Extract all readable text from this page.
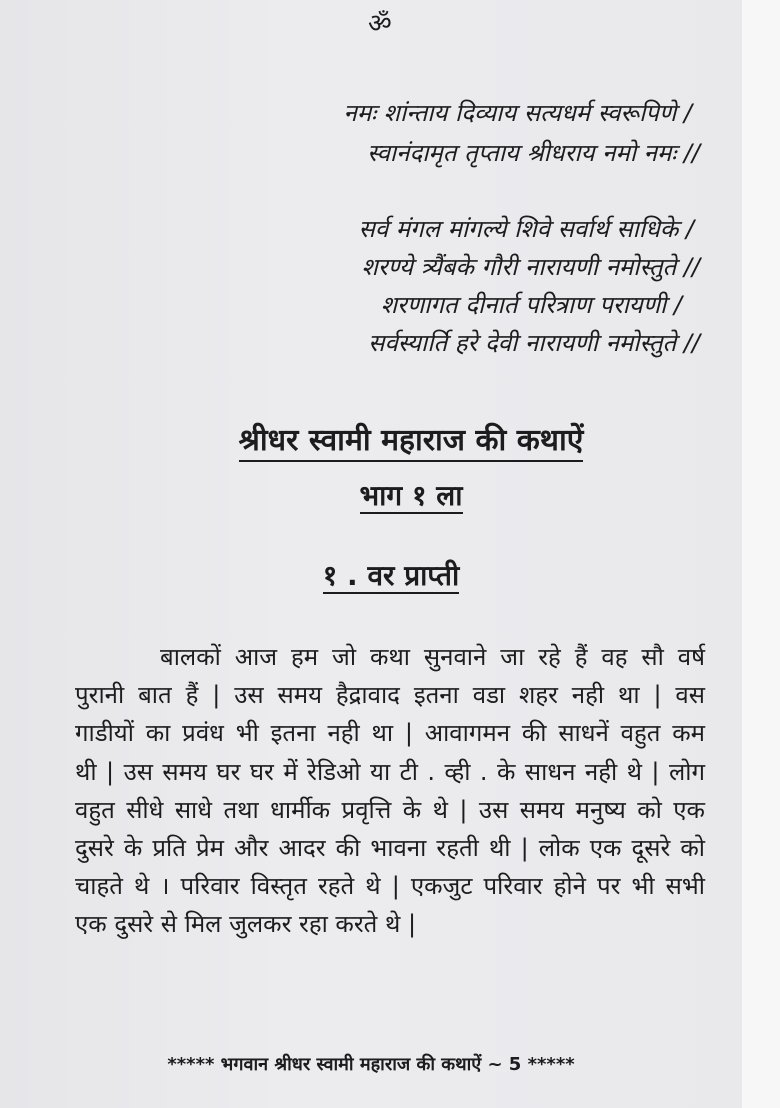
ॐ
नमः शांन्ताय दिव्याय सत्यधर्म स्वरूपिणे /
स्वानंदामृत तृप्ताय श्रीधराय नमो नमः //
सर्व मंगल मांगल्ये शिवे सर्वार्थ साधिके /
शरण्ये त्र्यैंबके गौरी नारायणी नमोस्तुते //
शरणागत दीनार्त परित्राण परायणी /
सर्वस्यार्ति हरे देवी नारायणी नमोस्तुते //
श्रीधर स्वामी महाराज की कथाऐं
भाग १ ला
१ . वर प्राप्ती
बालकों आज हम जो कथा सुनवाने जा रहे हैं वह सौ वर्ष
पुरानी बात हैं | उस समय हैद्रावाद इतना वडा शहर नही था | वस
गाडीयों का प्रवंध भी इतना नही था | आवागमन की साधनें वहुत कम
थी | उस समय घर घर में रेडिओ या टी . व्ही . के साधन नही थे | लोग
वहुत सीधे साधे तथा धार्मीक प्रवृत्ति के थे | उस समय मनुष्य को एक
दुसरे के प्रति प्रेम और आदर की भावना रहती थी | लोक एक दूसरे को
चाहते थे । परिवार विस्तृत रहते थे | एकजुट परिवार होने पर भी सभी
एक दुसरे से मिल जुलकर रहा करते थे |
***** भगवान श्रीधर स्वामी महाराज की कथाऐं ~ 5 *****
